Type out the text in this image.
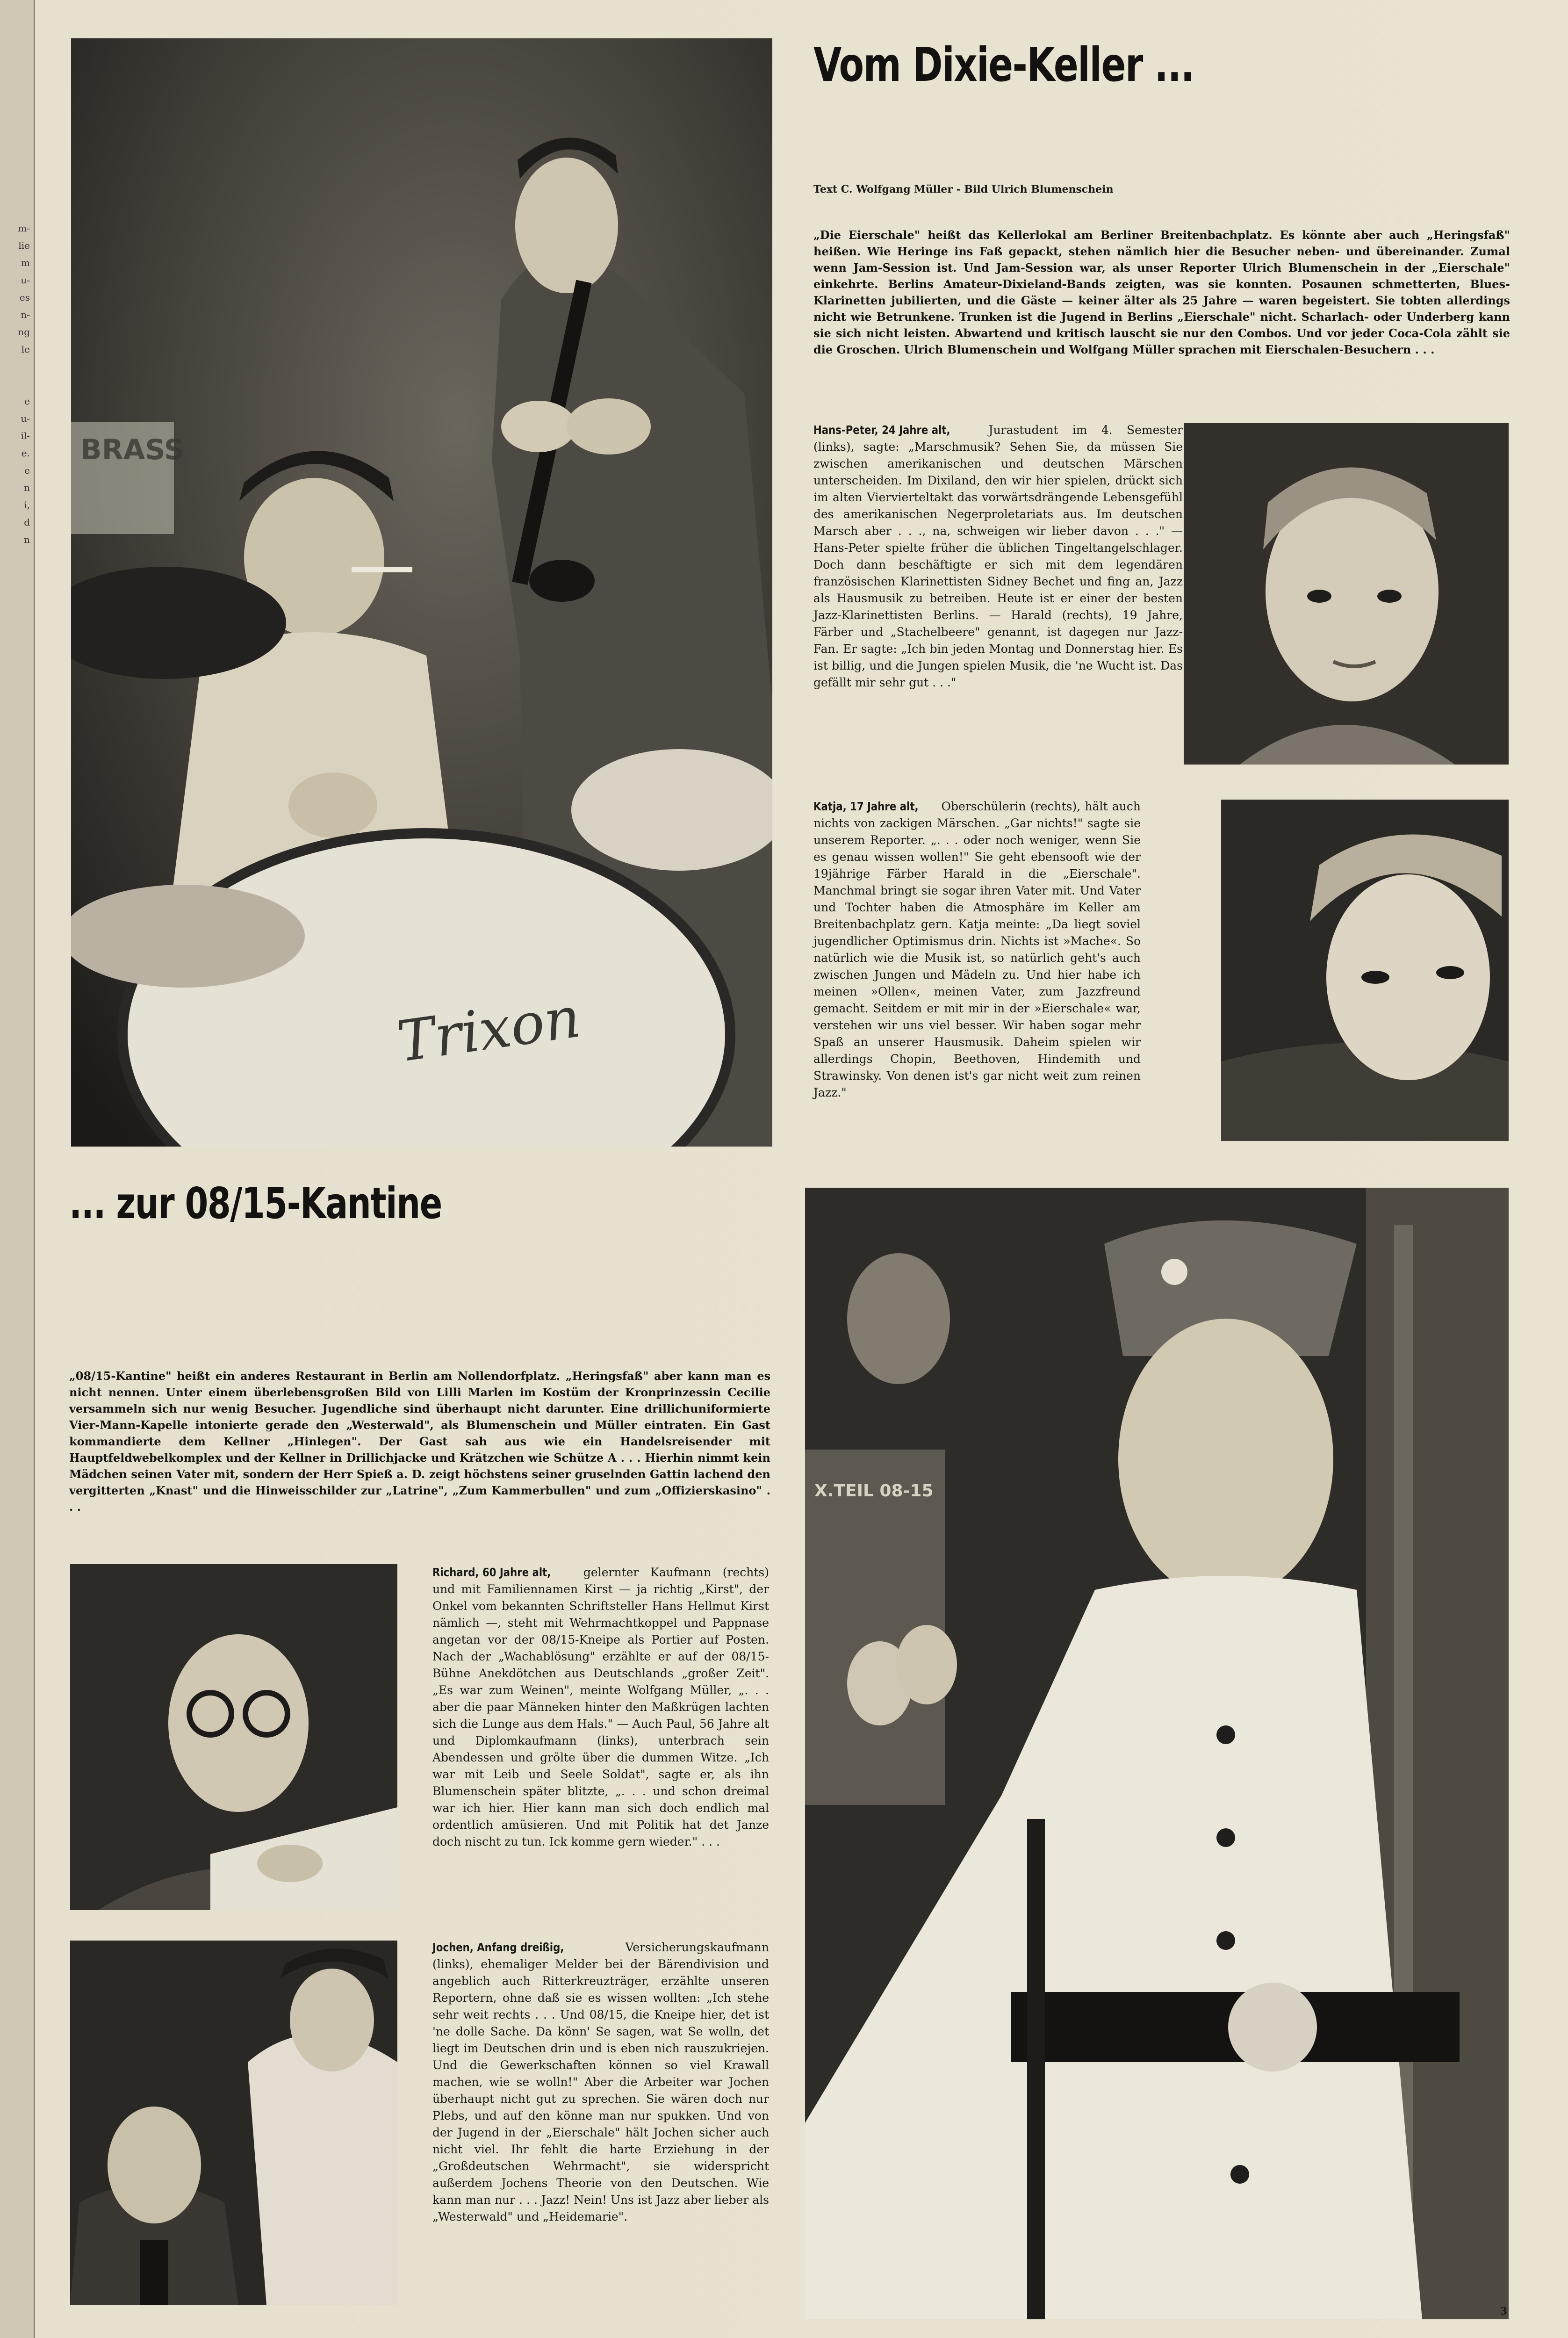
m-
lie
m
u-
es
n-
ng
le

e
u-
il-
e.
e
n
i,
d
n
BRASS
Trixon
Vom Dixie-Keller ...
Text C. Wolfgang Müller - Bild Ulrich Blumenschein
„Die Eierschale" heißt das Kellerlokal am Berliner Breitenbachplatz. Es könnte aber auch „Heringsfaß" heißen. Wie Heringe ins Faß gepackt, stehen nämlich hier die Besucher neben- und übereinander. Zumal wenn Jam-Session ist. Und Jam-Session war, als unser Reporter Ulrich Blumenschein in der „Eierschale" einkehrte. Berlins Amateur-Dixieland-Bands zeigten, was sie konnten. Posaunen schmetterten, Blues-Klarinetten jubilierten, und die Gäste — keiner älter als 25 Jahre — waren begeistert. Sie tobten allerdings nicht wie Betrunkene. Trunken ist die Jugend in Berlins „Eierschale" nicht. Scharlach- oder Underberg kann sie sich nicht leisten. Abwartend und kritisch lauscht sie nur den Combos. Und vor jeder Coca-Cola zählt sie die Groschen. Ulrich Blumenschein und Wolfgang Müller sprachen mit Eierschalen-Besuchern . . .
Hans-Peter, 24 Jahre alt, Jurastudent im 4. Semester (links), sagte: „Marschmusik? Sehen Sie, da müssen Sie zwischen amerikanischen und deutschen Märschen unterscheiden. Im Dixiland, den wir hier spielen, drückt sich im alten Viervierteltakt das vorwärtsdrängende Lebensgefühl des amerikanischen Negerproletariats aus. Im deutschen Marsch aber . . ., na, schweigen wir lieber davon . . ." — Hans-Peter spielte früher die üblichen Tingeltangelschlager. Doch dann beschäftigte er sich mit dem legendären französischen Klarinettisten Sidney Bechet und fing an, Jazz als Hausmusik zu betreiben. Heute ist er einer der besten Jazz-Klarinettisten Berlins. — Harald (rechts), 19 Jahre, Färber und „Stachelbeere" genannt, ist dagegen nur Jazz-Fan. Er sagte: „Ich bin jeden Montag und Donnerstag hier. Es ist billig, und die Jungen spielen Musik, die 'ne Wucht ist. Das gefällt mir sehr gut . . ."
Katja, 17 Jahre alt, Oberschülerin (rechts), hält auch nichts von zackigen Märschen. „Gar nichts!" sagte sie unserem Reporter. „. . . oder noch weniger, wenn Sie es genau wissen wollen!" Sie geht ebensooft wie der 19jährige Färber Harald in die „Eierschale". Manchmal bringt sie sogar ihren Vater mit. Und Vater und Tochter haben die Atmosphäre im Keller am Breitenbachplatz gern. Katja meinte: „Da liegt soviel jugendlicher Optimismus drin. Nichts ist »Mache«. So natürlich wie die Musik ist, so natürlich geht's auch zwischen Jungen und Mädeln zu. Und hier habe ich meinen »Ollen«, meinen Vater, zum Jazzfreund gemacht. Seitdem er mit mir in der »Eierschale« war, verstehen wir uns viel besser. Wir haben sogar mehr Spaß an unserer Hausmusik. Daheim spielen wir allerdings Chopin, Beethoven, Hindemith und Strawinsky. Von denen ist's gar nicht weit zum reinen Jazz."
... zur 08/15-Kantine
„08/15-Kantine" heißt ein anderes Restaurant in Berlin am Nollendorfplatz. „Heringsfaß" aber kann man es nicht nennen. Unter einem überlebensgroßen Bild von Lilli Marlen im Kostüm der Kronprinzessin Cecilie versammeln sich nur wenig Besucher. Jugendliche sind überhaupt nicht darunter. Eine drillichuniformierte Vier-Mann-Kapelle intonierte gerade den „Westerwald", als Blumenschein und Müller eintraten. Ein Gast kommandierte dem Kellner „Hinlegen". Der Gast sah aus wie ein Handelsreisender mit Hauptfeldwebelkomplex und der Kellner in Drillichjacke und Krätzchen wie Schütze A . . . Hierhin nimmt kein Mädchen seinen Vater mit, sondern der Herr Spieß a. D. zeigt höchstens seiner gruselnden Gattin lachend den vergitterten „Knast" und die Hinweisschilder zur „Latrine", „Zum Kammerbullen" und zum „Offizierskasino" . . .
X.TEIL 08-15
Richard, 60 Jahre alt, gelernter Kaufmann (rechts) und mit Familiennamen Kirst — ja richtig „Kirst", der Onkel vom bekannten Schriftsteller Hans Hellmut Kirst nämlich —, steht mit Wehrmachtkoppel und Pappnase angetan vor der 08/15-Kneipe als Portier auf Posten. Nach der „Wachablösung" erzählte er auf der 08/15-Bühne Anekdötchen aus Deutschlands „großer Zeit". „Es war zum Weinen", meinte Wolfgang Müller, „. . . aber die paar Männeken hinter den Maßkrügen lachten sich die Lunge aus dem Hals." — Auch Paul, 56 Jahre alt und Diplomkaufmann (links), unterbrach sein Abendessen und grölte über die dummen Witze. „Ich war mit Leib und Seele Soldat", sagte er, als ihn Blumenschein später blitzte, „. . . und schon dreimal war ich hier. Hier kann man sich doch endlich mal ordentlich amüsieren. Und mit Politik hat det Janze doch nischt zu tun. Ick komme gern wieder." . . .
Jochen, Anfang dreißig, Versicherungskaufmann (links), ehemaliger Melder bei der Bärendivision und angeblich auch Ritterkreuzträger, erzählte unseren Reportern, ohne daß sie es wissen wollten: „Ich stehe sehr weit rechts . . . Und 08/15, die Kneipe hier, det ist 'ne dolle Sache. Da könn' Se sagen, wat Se wolln, det liegt im Deutschen drin und is eben nich rauszukriejen. Und die Gewerkschaften können so viel Krawall machen, wie se wolln!" Aber die Arbeiter war Jochen überhaupt nicht gut zu sprechen. Sie wären doch nur Plebs, und auf den könne man nur spukken. Und von der Jugend in der „Eierschale" hält Jochen sicher auch nicht viel. Ihr fehlt die harte Erziehung in der „Großdeutschen Wehrmacht", sie widerspricht außerdem Jochens Theorie von den Deutschen. Wie kann man nur . . . Jazz! Nein! Uns ist Jazz aber lieber als „Westerwald" und „Heidemarie".
3
